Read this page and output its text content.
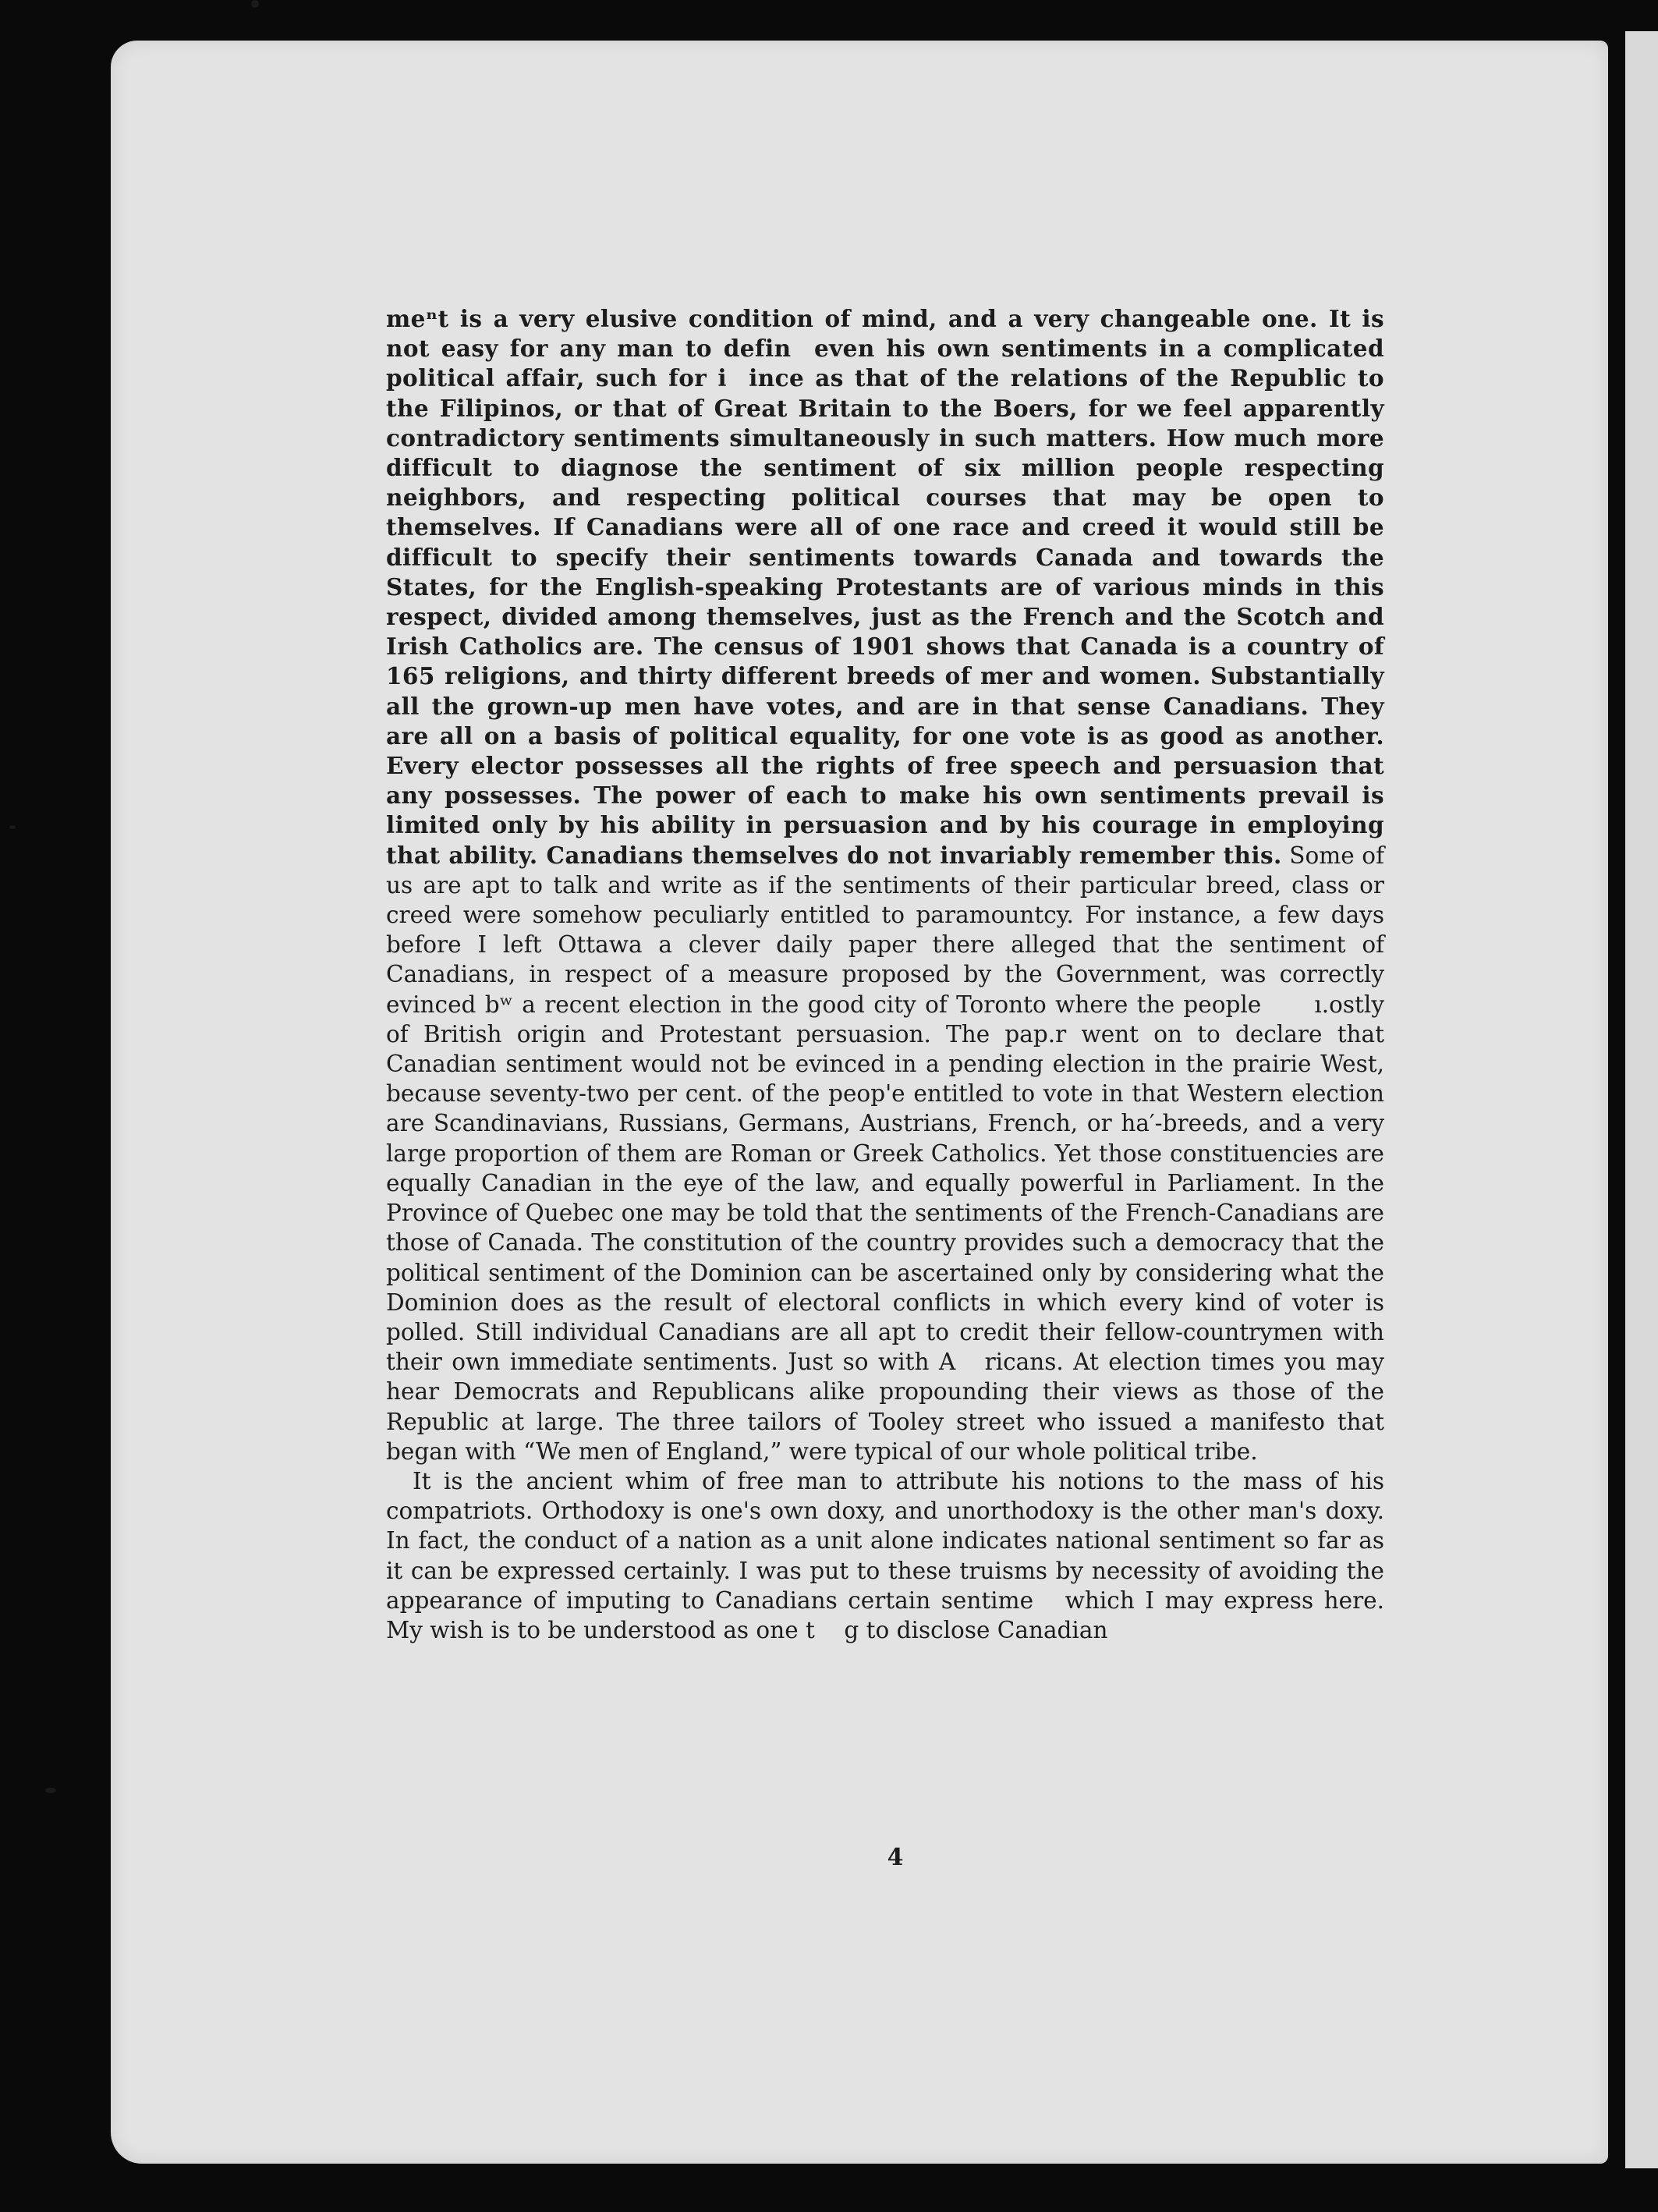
meⁿt is a very elusive condition of mind, and a very changeable one. It is not easy for any man to defin  even his own sentiments in a complicated political affair, such for i  ince as that of the relations of the Republic to the Filipinos, or that of Great Britain to the Boers, for we feel apparently contradictory sentiments simultaneously in such matters. How much more difficult to diagnose the sentiment of six million people respecting neighbors, and respecting political courses that may be open to themselves. If Canadians were all of one race and creed it would still be difficult to specify their sentiments towards Canada and towards the States, for the English-speaking Protestants are of various minds in this respect, divided among themselves, just as the French and the Scotch and Irish Catholics are. The census of 1901 shows that Canada is a country of 165 religions, and thirty different breeds of mer and women. Substantially all the grown-up men have votes, and are in that sense Canadians. They are all on a basis of political equality, for one vote is as good as another. Every elector possesses all the rights of free speech and persuasion that any possesses. The power of each to make his own sentiments prevail is limited only by his ability in persuasion and by his courage in employing that ability. Canadians themselves do not invariably remember this. Some of us are apt to talk and write as if the sentiments of their particular breed, class or creed were somehow peculiarly entitled to paramountcy. For instance, a few days before I left Ottawa a clever daily paper there alleged that the sentiment of Canadians, in respect of a measure proposed by the Government, was correctly evinced bʷ a recent election in the good city of Toronto where the people      ı.ostly of British origin and Protestant persuasion. The pap.r went on to declare that Canadian sentiment would not be evinced in a pending election in the prairie West, because seventy-two per cent. of the peop'e entitled to vote in that Western election are Scandinavians, Russians, Germans, Austrians, French, or ha′-breeds, and a very large proportion of them are Roman or Greek Catholics. Yet those constituencies are equally Canadian in the eye of the law, and equally powerful in Parliament. In the Province of Quebec one may be told that the sentiments of the French-Canadians are those of Canada. The constitution of the country provides such a democracy that the political sentiment of the Dominion can be ascertained only by considering what the Dominion does as the result of electoral conflicts in which every kind of voter is polled. Still individual Canadians are all apt to credit their fellow-countrymen with their own immediate sentiments. Just so with A   ricans. At election times you may hear Democrats and Republicans alike propounding their views as those of the Republic at large. The three tailors of Tooley street who issued a manifesto that began with “We men of England,” were typical of our whole political tribe.

It is the ancient whim of free man to attribute his notions to the mass of his compatriots. Orthodoxy is one's own doxy, and unorthodoxy is the other man's doxy. In fact, the conduct of a nation as a unit alone indicates national sentiment so far as it can be expressed certainly. I was put to these truisms by necessity of avoiding the appearance of imputing to Canadians certain sentime   which I may express here. My wish is to be understood as one t    g to disclose Canadian

4
